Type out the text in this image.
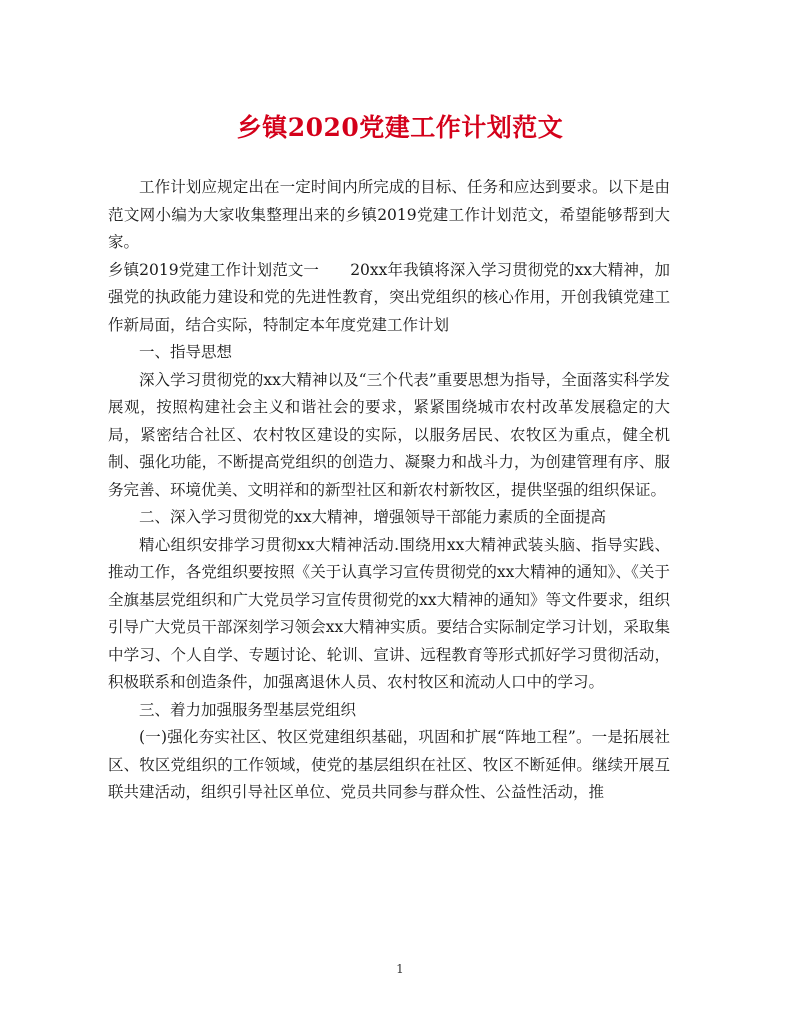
乡镇2020党建工作计划范文

工作计划应规定出在一定时间内所完成的目标、任务和应达到要求。以下是由范文网小编为大家收集整理出来的乡镇2019党建工作计划范文，希望能够帮到大家。

乡镇2019党建工作计划范文一　　20xx年我镇将深入学习贯彻党的xx大精神，加强党的执政能力建设和党的先进性教育，突出党组织的核心作用，开创我镇党建工作新局面，结合实际，特制定本年度党建工作计划

一、指导思想

深入学习贯彻党的xx大精神以及“三个代表”重要思想为指导，全面落实科学发展观，按照构建社会主义和谐社会的要求，紧紧围绕城市农村改革发展稳定的大局，紧密结合社区、农村牧区建设的实际，以服务居民、农牧区为重点，健全机制、强化功能，不断提高党组织的创造力、凝聚力和战斗力，为创建管理有序、服务完善、环境优美、文明祥和的新型社区和新农村新牧区，提供坚强的组织保证。

二、深入学习贯彻党的xx大精神，增强领导干部能力素质的全面提高

精心组织安排学习贯彻xx大精神活动.围绕用xx大精神武装头脑、指导实践、推动工作，各党组织要按照《关于认真学习宣传贯彻党的xx大精神的通知》、《关于全旗基层党组织和广大党员学习宣传贯彻党的xx大精神的通知》等文件要求，组织引导广大党员干部深刻学习领会xx大精神实质。要结合实际制定学习计划，采取集中学习、个人自学、专题讨论、轮训、宣讲、远程教育等形式抓好学习贯彻活动，积极联系和创造条件，加强离退休人员、农村牧区和流动人口中的学习。

三、着力加强服务型基层党组织

(一)强化夯实社区、牧区党建组织基础，巩固和扩展“阵地工程”。一是拓展社区、牧区党组织的工作领域，使党的基层组织在社区、牧区不断延伸。继续开展互联共建活动，组织引导社区单位、党员共同参与群众性、公益性活动，推

1
